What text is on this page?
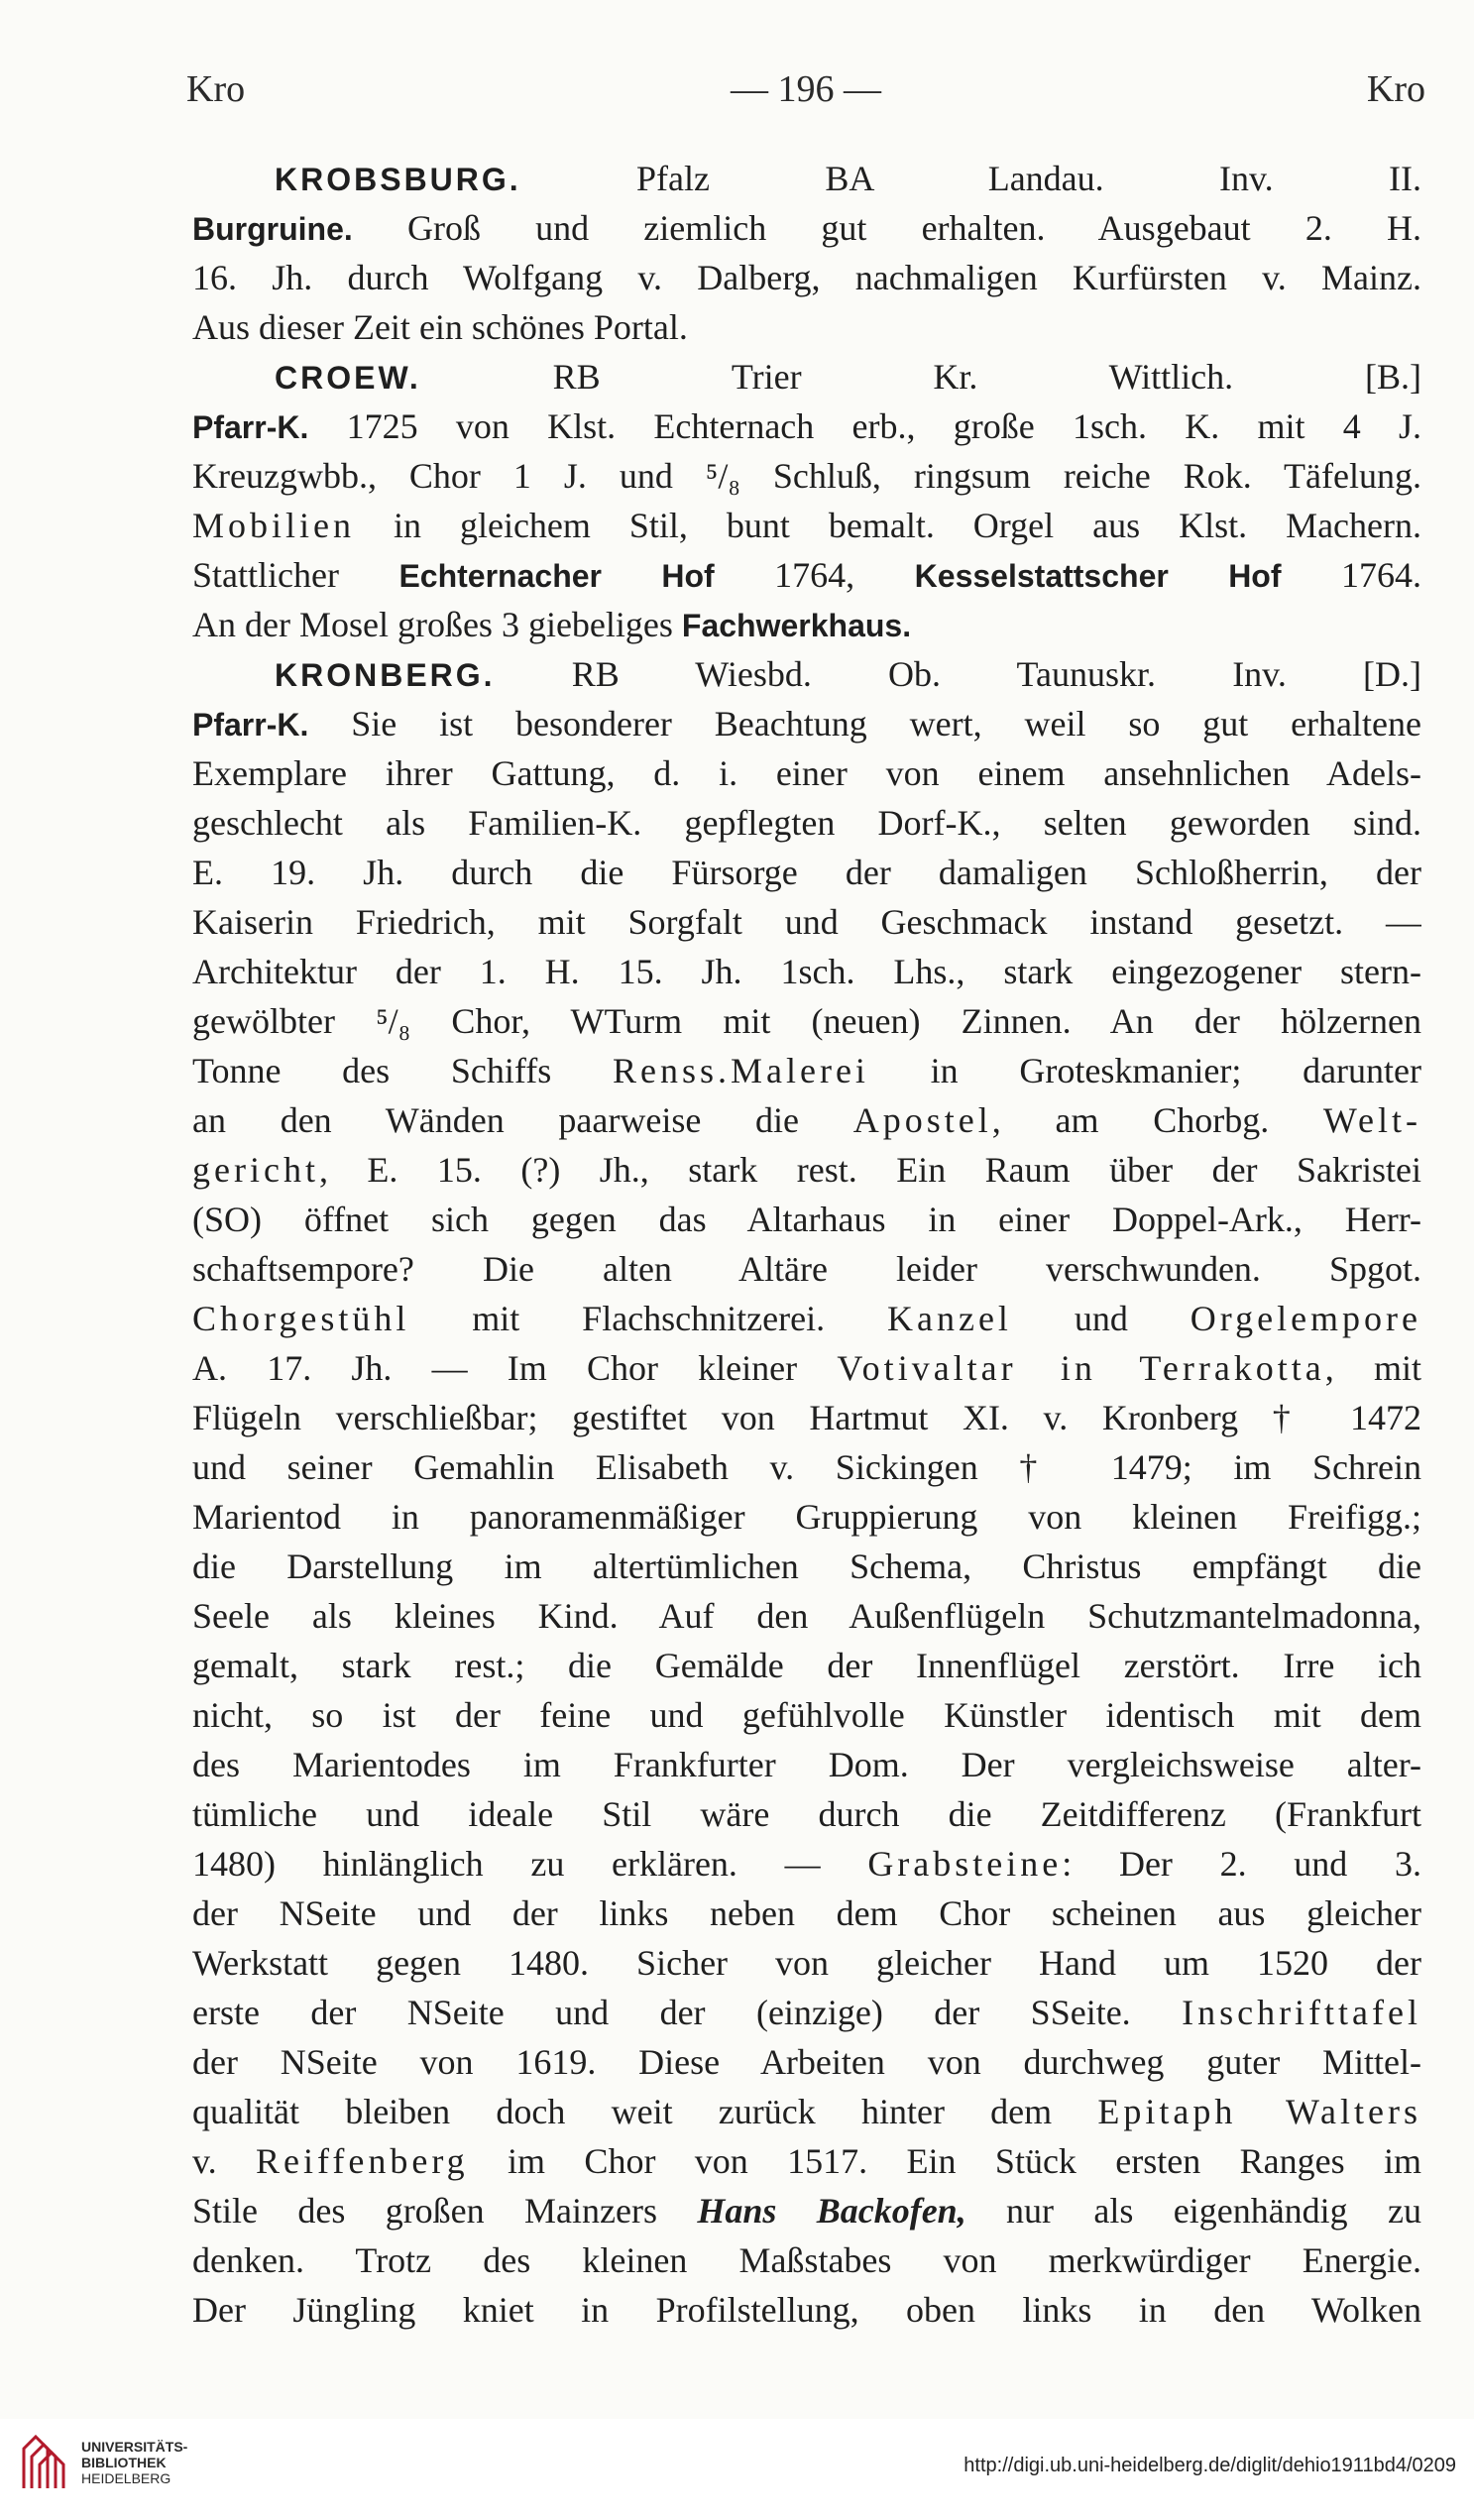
— 196 —
Kro	Kro
KROBSBURG. Pfalz BA Landau. Inv. II.
Burgruine. Groß und ziemlich gut erhalten. Ausgebaut 2. H.
16. Jh. durch Wolfgang v. Dalberg, nachmaligen Kurfürsten v. Mainz.
Aus dieser Zeit ein schönes Portal.
CROEW. RB Trier Kr. Wittlich. [B.]
Pfarr-K. 1725 von Klst. Echternach erb., große 1sch. K. mit 4 J.
Kreuzgwbb., Chor 1 J. und ⁵/₈ Schluß, ringsum reiche Rok. Täfelung.
Mobilien in gleichem Stil, bunt bemalt. Orgel aus Klst. Machern.
Stattlicher Echternacher Hof 1764, Kesselstattscher Hof 1764.
An der Mosel großes 3 giebeliges Fachwerkhaus.
KRONBERG. RB Wiesbd. Ob. Taunuskr. Inv. [D.]
Pfarr-K. Sie ist besonderer Beachtung wert, weil so gut erhaltene
Exemplare ihrer Gattung, d. i. einer von einem ansehnlichen Adels-
geschlecht als Familien-K. gepflegten Dorf-K., selten geworden sind.
E. 19. Jh. durch die Fürsorge der damaligen Schloßherrin, der
Kaiserin Friedrich, mit Sorgfalt und Geschmack instand gesetzt. —
Architektur der 1. H. 15. Jh. 1sch. Lhs., stark eingezogener stern-
gewölbter ⁵/₈ Chor, WTurm mit (neuen) Zinnen. An der hölzernen
Tonne des Schiffs Renss.Malerei in Groteskmanier; darunter
an den Wänden paarweise die Apostel, am Chorbg. Welt-
gericht, E. 15. (?) Jh., stark rest. Ein Raum über der Sakristei
(SO) öffnet sich gegen das Altarhaus in einer Doppel-Ark., Herr-
schaftsempore? Die alten Altäre leider verschwunden. Spgot.
Chorgestühl mit Flachschnitzerei. Kanzel und Orgelempore
A. 17. Jh. — Im Chor kleiner Votivaltar in Terrakotta, mit
Flügeln verschließbar; gestiftet von Hartmut XI. v. Kronberg † 1472
und seiner Gemahlin Elisabeth v. Sickingen † 1479; im Schrein
Marientod in panoramenmäßiger Gruppierung von kleinen Freifigg.;
die Darstellung im altertümlichen Schema, Christus empfängt die
Seele als kleines Kind. Auf den Außenflügeln Schutzmantelmadonna,
gemalt, stark rest.; die Gemälde der Innenflügel zerstört. Irre ich
nicht, so ist der feine und gefühlvolle Künstler identisch mit dem
des Marientodes im Frankfurter Dom. Der vergleichsweise alter-
tümliche und ideale Stil wäre durch die Zeitdifferenz (Frankfurt
1480) hinlänglich zu erklären. — Grabsteine: Der 2. und 3.
der NSeite und der links neben dem Chor scheinen aus gleicher
Werkstatt gegen 1480. Sicher von gleicher Hand um 1520 der
erste der NSeite und der (einzige) der SSeite. Inschrifttafel
der NSeite von 1619. Diese Arbeiten von durchweg guter Mittel-
qualität bleiben doch weit zurück hinter dem Epitaph Walters
v. Reiffenberg im Chor von 1517. Ein Stück ersten Ranges im
Stile des großen Mainzers Hans Backofen, nur als eigenhändig zu
denken. Trotz des kleinen Maßstabes von merkwürdiger Energie.
Der Jüngling kniet in Profilstellung, oben links in den Wolken
UNIVERSITÄTS-
BIBLIOTHEK
HEIDELBERG
http://digi.ub.uni-heidelberg.de/diglit/dehio1911bd4/0209
